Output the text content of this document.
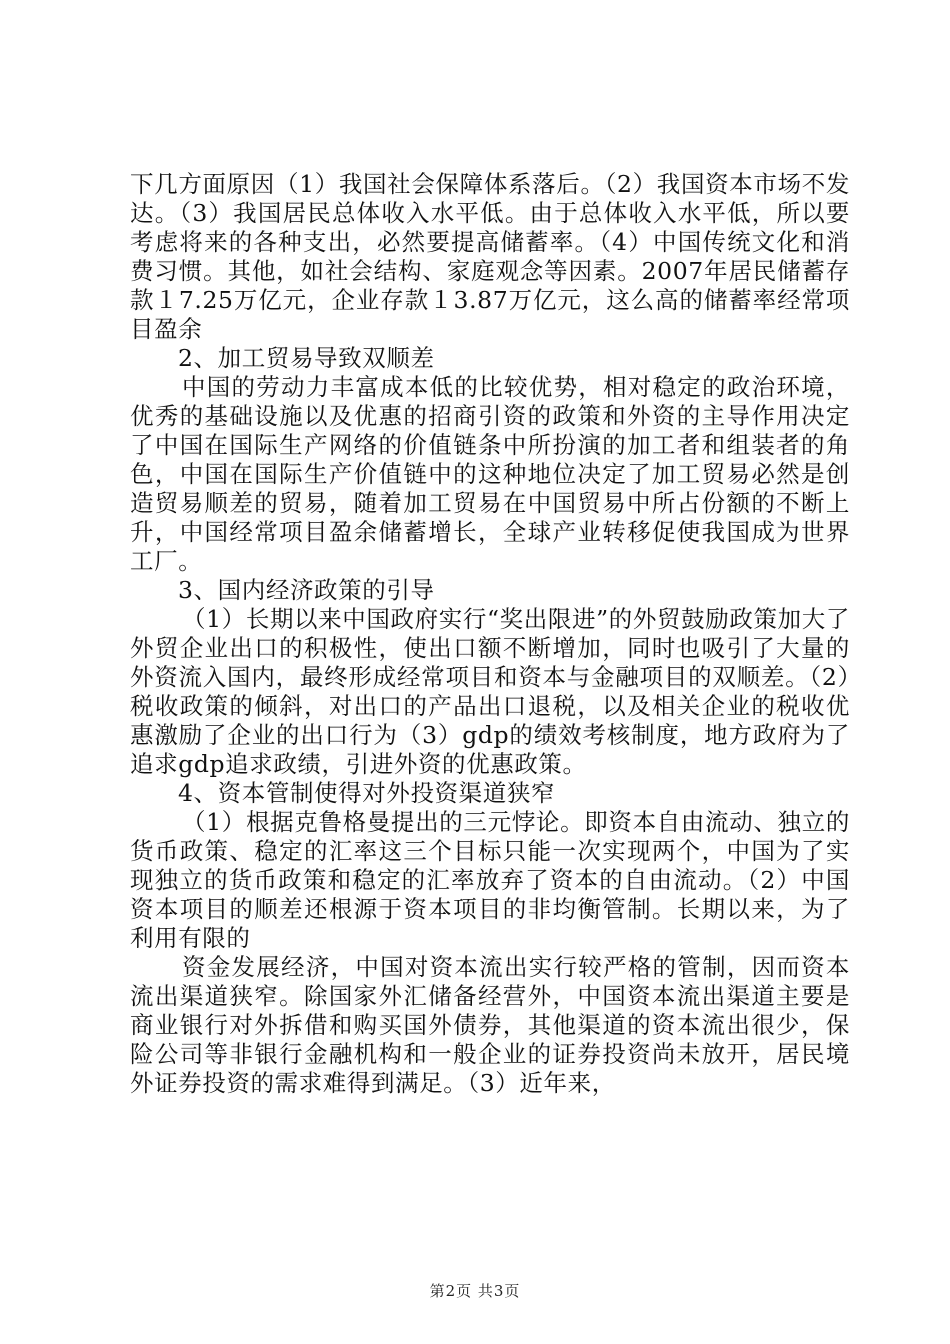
下几方面原因（1）我国社会保障体系落后。（2）我国资本市场不发达。（3）我国居民总体收入水平低。由于总体收入水平低，所以要考虑将来的各种支出，必然要提高储蓄率。（4）中国传统文化和消费习惯。其他，如社会结构、家庭观念等因素。2007年居民储蓄存款１7.25万亿元，企业存款１3.87万亿元，这么高的储蓄率经常项目盈余

2、加工贸易导致双顺差

中国的劳动力丰富成本低的比较优势，相对稳定的政治环境，优秀的基础设施以及优惠的招商引资的政策和外资的主导作用决定了中国在国际生产网络的价值链条中所扮演的加工者和组装者的角色，中国在国际生产价值链中的这种地位决定了加工贸易必然是创造贸易顺差的贸易，随着加工贸易在中国贸易中所占份额的不断上升，中国经常项目盈余储蓄增长，全球产业转移促使我国成为世界工厂。

3、国内经济政策的引导

（1）长期以来中国政府实行“奖出限进”的外贸鼓励政策加大了外贸企业出口的积极性，使出口额不断增加，同时也吸引了大量的外资流入国内，最终形成经常项目和资本与金融项目的双顺差。（2）税收政策的倾斜，对出口的产品出口退税，以及相关企业的税收优惠激励了企业的出口行为（3）gdp的绩效考核制度，地方政府为了追求gdp追求政绩，引进外资的优惠政策。

4、资本管制使得对外投资渠道狭窄

（1）根据克鲁格曼提出的三元悖论。即资本自由流动、独立的货币政策、稳定的汇率这三个目标只能一次实现两个，中国为了实现独立的货币政策和稳定的汇率放弃了资本的自由流动。（2）中国资本项目的顺差还根源于资本项目的非均衡管制。长期以来，为了利用有限的

资金发展经济，中国对资本流出实行较严格的管制，因而资本流出渠道狭窄。除国家外汇储备经营外，中国资本流出渠道主要是商业银行对外拆借和购买国外债券，其他渠道的资本流出很少，保险公司等非银行金融机构和一般企业的证券投资尚未放开，居民境外证券投资的需求难得到满足。（3）近年来，

第2页 共3页
